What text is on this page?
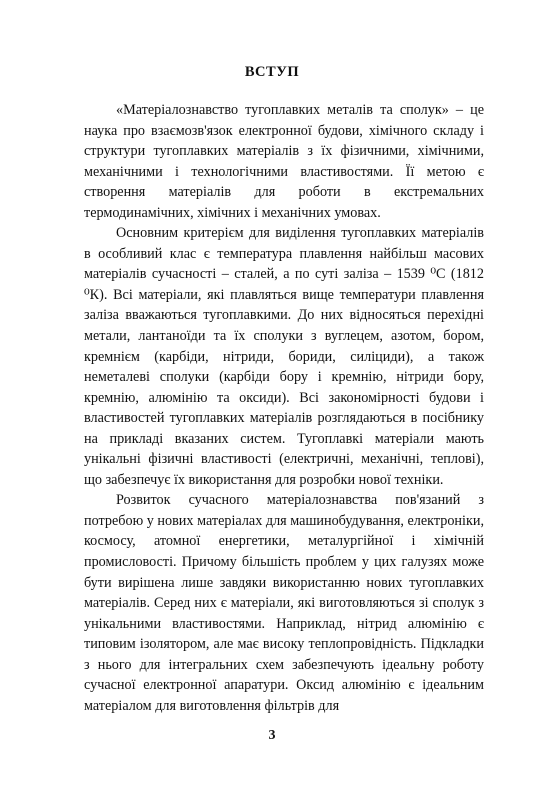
ВСТУП

«Матеріалознавство тугоплавких металів та сполук» – це наука про взаємозв'язок електронної будови, хімічного складу і структури тугоплавких матеріалів з їх фізичними, хімічними, механічними і технологічними властивостями. Її метою є створення матеріалів для роботи в екстремальних термодинамічних, хімічних і механічних умовах.

Основним критерієм для виділення тугоплавких матеріалів в особливий клас є температура плавлення найбільш масових матеріалів сучасності – сталей, а по суті заліза – 1539 ⁰С (1812 ⁰К). Всі матеріали, які плавляться вище температури плавлення заліза вважаються тугоплавкими. До них відносяться перехідні метали, лантаноїди та їх сполуки з вуглецем, азотом, бором, кремнієм (карбіди, нітриди, бориди, силіциди), а також неметалеві сполуки (карбіди бору і кремнію, нітриди бору, кремнію, алюмінію та оксиди). Всі закономірності будови і властивостей тугоплавких матеріалів розглядаються в посібнику на прикладі вказаних систем. Тугоплавкі матеріали мають унікальні фізичні властивості (електричні, механічні, теплові), що забезпечує їх використання для розробки нової техніки.

Розвиток сучасного матеріалознавства пов'язаний з потребою у нових матеріалах для машинобудування, електроніки, космосу, атомної енергетики, металургійної і хімічній промисловості. Причому більшість проблем у цих галузях може бути вирішена лише завдяки використанню нових тугоплавких матеріалів. Серед них є матеріали, які виготовляються зі сполук з унікальними властивостями. Наприклад, нітрид алюмінію є типовим ізолятором, але має високу теплопровідність. Підкладки з нього для інтегральних схем забезпечують ідеальну роботу сучасної електронної апаратури. Оксид алюмінію є ідеальним матеріалом для виготовлення фільтрів для

3
